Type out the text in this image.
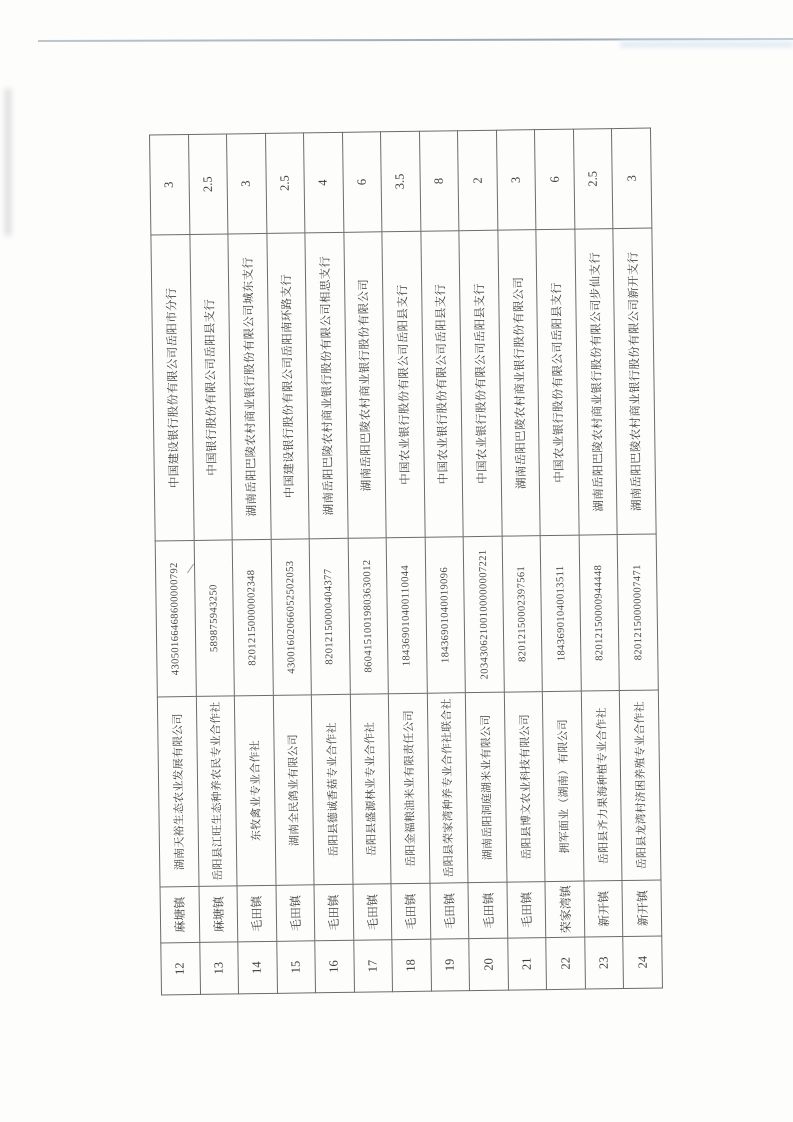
12	麻塘镇	湖南天裕生态农业发展有限公司	43050166468600000792	中国建设银行股份有限公司岳阳市分行	3
13	麻塘镇	岳阳县江旺生态种养农民专业合作社	589875943250	中国银行股份有限公司岳阳县支行	2.5
14	毛田镇	东牧禽业专业合作社	82012150000002348	湖南岳阳巴陵农村商业银行股份有限公司城东支行	3
15	毛田镇	湖南全民鸽业有限公司	43001602066052502053	中国建设银行股份有限公司岳阳南环路支行	2.5
16	毛田镇	岳阳县德诚香菇专业合作社	82012150000404377	湖南岳阳巴陵农村商业银行股份有限公司相思支行	4
17	毛田镇	岳阳县盛源林业专业合作社	86041510019803630012	湖南岳阳巴陵农村商业银行股份有限公司	6
18	毛田镇	岳阳金福粮油米业有限责任公司	184369010400110044	中国农业银行股份有限公司岳阳县支行	3.5
19	毛田镇	岳阳县荣家湾种养专业合作社联合社	18436901040019096	中国农业银行股份有限公司岳阳县支行	8
20	毛田镇	湖南岳阳洞庭湖米业有限公司	20343062100100000007221	中国农业银行股份有限公司岳阳县支行	2
21	毛田镇	岳阳县博文农业科技有限公司	82012150002397561	湖南岳阳巴陵农村商业银行股份有限公司	3
22	荣家湾镇	拥军面业（湖南）有限公司	18436901040013511	中国农业银行股份有限公司岳阳县支行	6
23	新开镇	岳阳县齐力果海种植专业合作社	82012150000944448	湖南岳阳巴陵农村商业银行股份有限公司步仙支行	2.5
24	新开镇	岳阳县龙湾村济困养殖专业合作社	82012150000007471	湖南岳阳巴陵农村商业银行股份有限公司新开支行	3
